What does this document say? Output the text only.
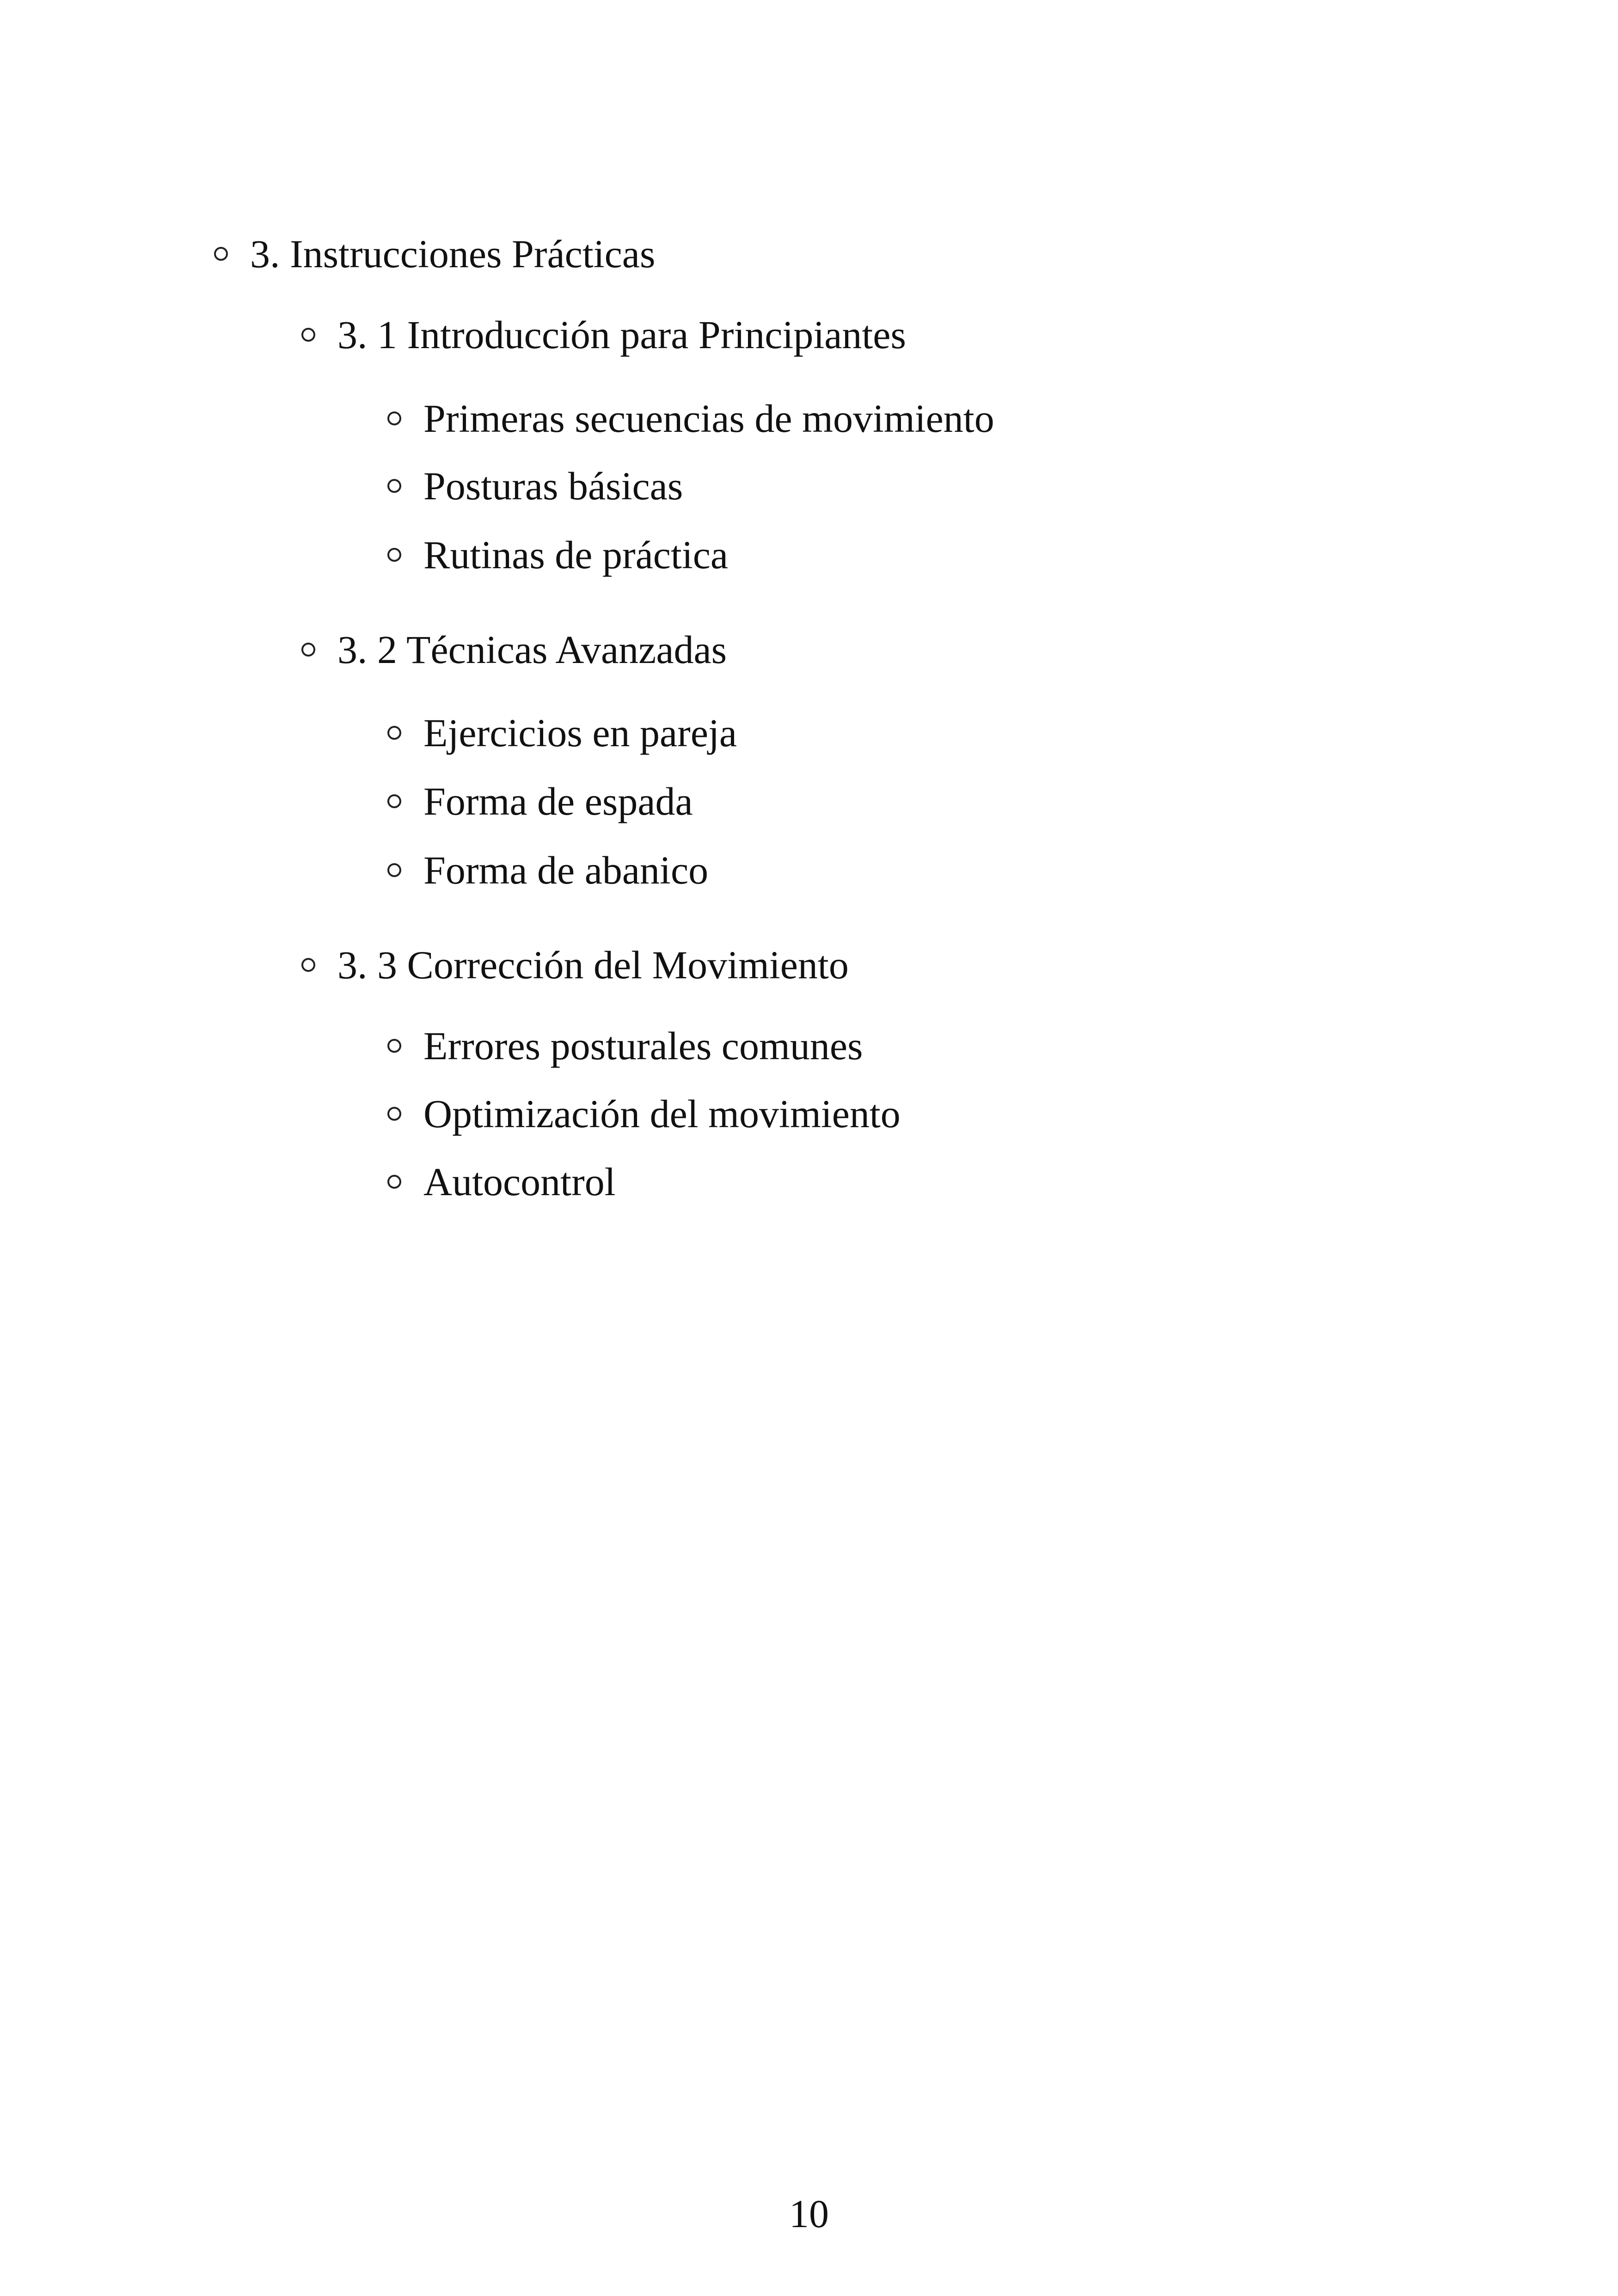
3. Instrucciones Prácticas
3. 1 Introducción para Principiantes
Primeras secuencias de movimiento
Posturas básicas
Rutinas de práctica
3. 2 Técnicas Avanzadas
Ejercicios en pareja
Forma de espada
Forma de abanico
3. 3 Corrección del Movimiento
Errores posturales comunes
Optimización del movimiento
Autocontrol
10
